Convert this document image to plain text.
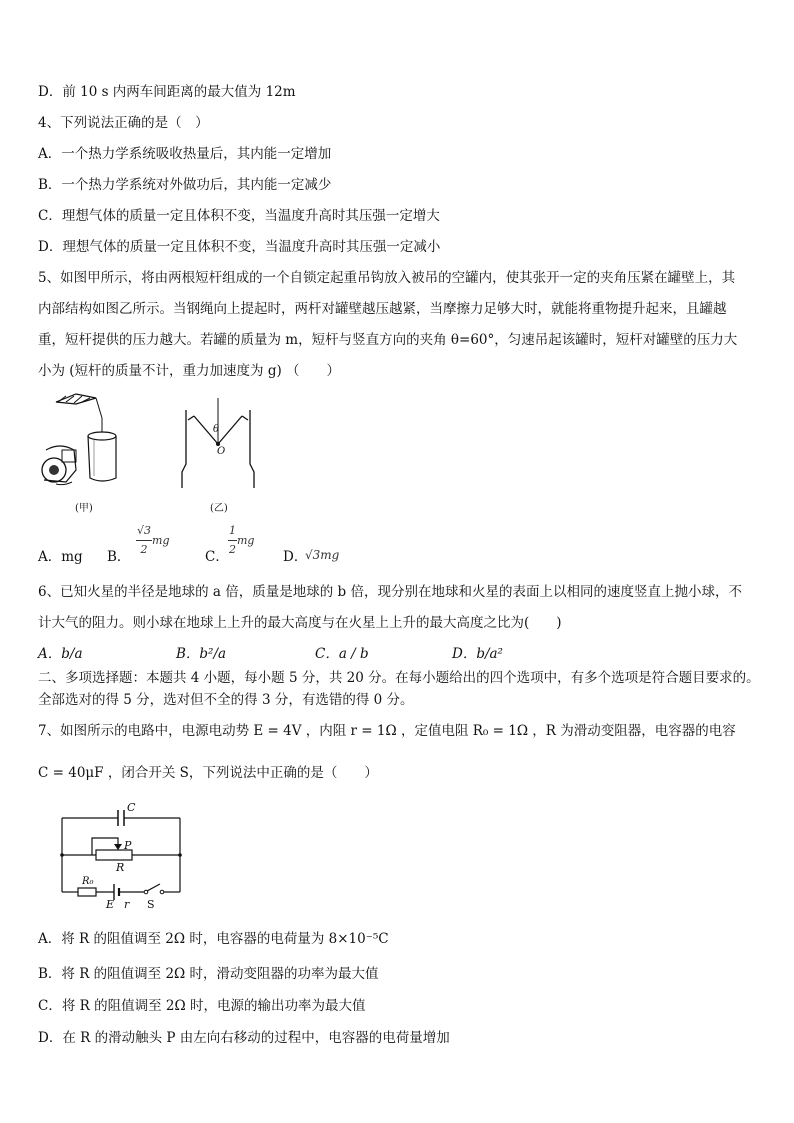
D．前 10 s 内两车间距离的最大值为 12m
4、下列说法正确的是（　）
A．一个热力学系统吸收热量后，其内能一定增加
B．一个热力学系统对外做功后，其内能一定减少
C．理想气体的质量一定且体积不变，当温度升高时其压强一定增大
D．理想气体的质量一定且体积不变，当温度升高时其压强一定减小
5、如图甲所示，将由两根短杆组成的一个自锁定起重吊钩放入被吊的空罐内，使其张开一定的夹角压紧在罐壁上，其
内部结构如图乙所示。当钢绳向上提起时，两杆对罐壁越压越紧，当摩擦力足够大时，就能将重物提升起来，且罐越
重，短杆提供的压力越大。若罐的质量为 m，短杆与竖直方向的夹角 θ=60°，匀速吊起该罐时，短杆对罐壁的压力大
小为 (短杆的质量不计，重力加速度为 g) （　　）
(甲)
θ
O
(乙)
A．mg B． $\frac{√3}{2}$ mg
C． $\frac{1}{2}$ mg
D．
√3mg
6、已知火星的半径是地球的 a 倍，质量是地球的 b 倍，现分别在地球和火星的表面上以相同的速度竖直上抛小球，不
计大气的阻力。则小球在地球上上升的最大高度与在火星上上升的最大高度之比为(　　)
A．b/a	B．b²/a	C．a / b	D．b/a²
二、多项选择题：本题共 4 小题，每小题 5 分，共 20 分。在每小题给出的四个选项中，有多个选项是符合题目要求的。
全部选对的得 5 分，选对但不全的得 3 分，有选错的得 0 分。
7、如图所示的电路中，电源电动势 E = 4V ，内阻 r = 1Ω ，定值电阻 R₀ = 1Ω ，R 为滑动变阻器，电容器的电容
C = 40μF ，闭合开关 S，下列说法中正确的是（　　）
C
P
R
R₀
E r S
A．将 R 的阻值调至 2Ω 时，电容器的电荷量为 8×10⁻⁵C
B．将 R 的阻值调至 2Ω 时，滑动变阻器的功率为最大值
C．将 R 的阻值调至 2Ω 时，电源的输出功率为最大值
D．在 R 的滑动触头 P 由左向右移动的过程中，电容器的电荷量增加
